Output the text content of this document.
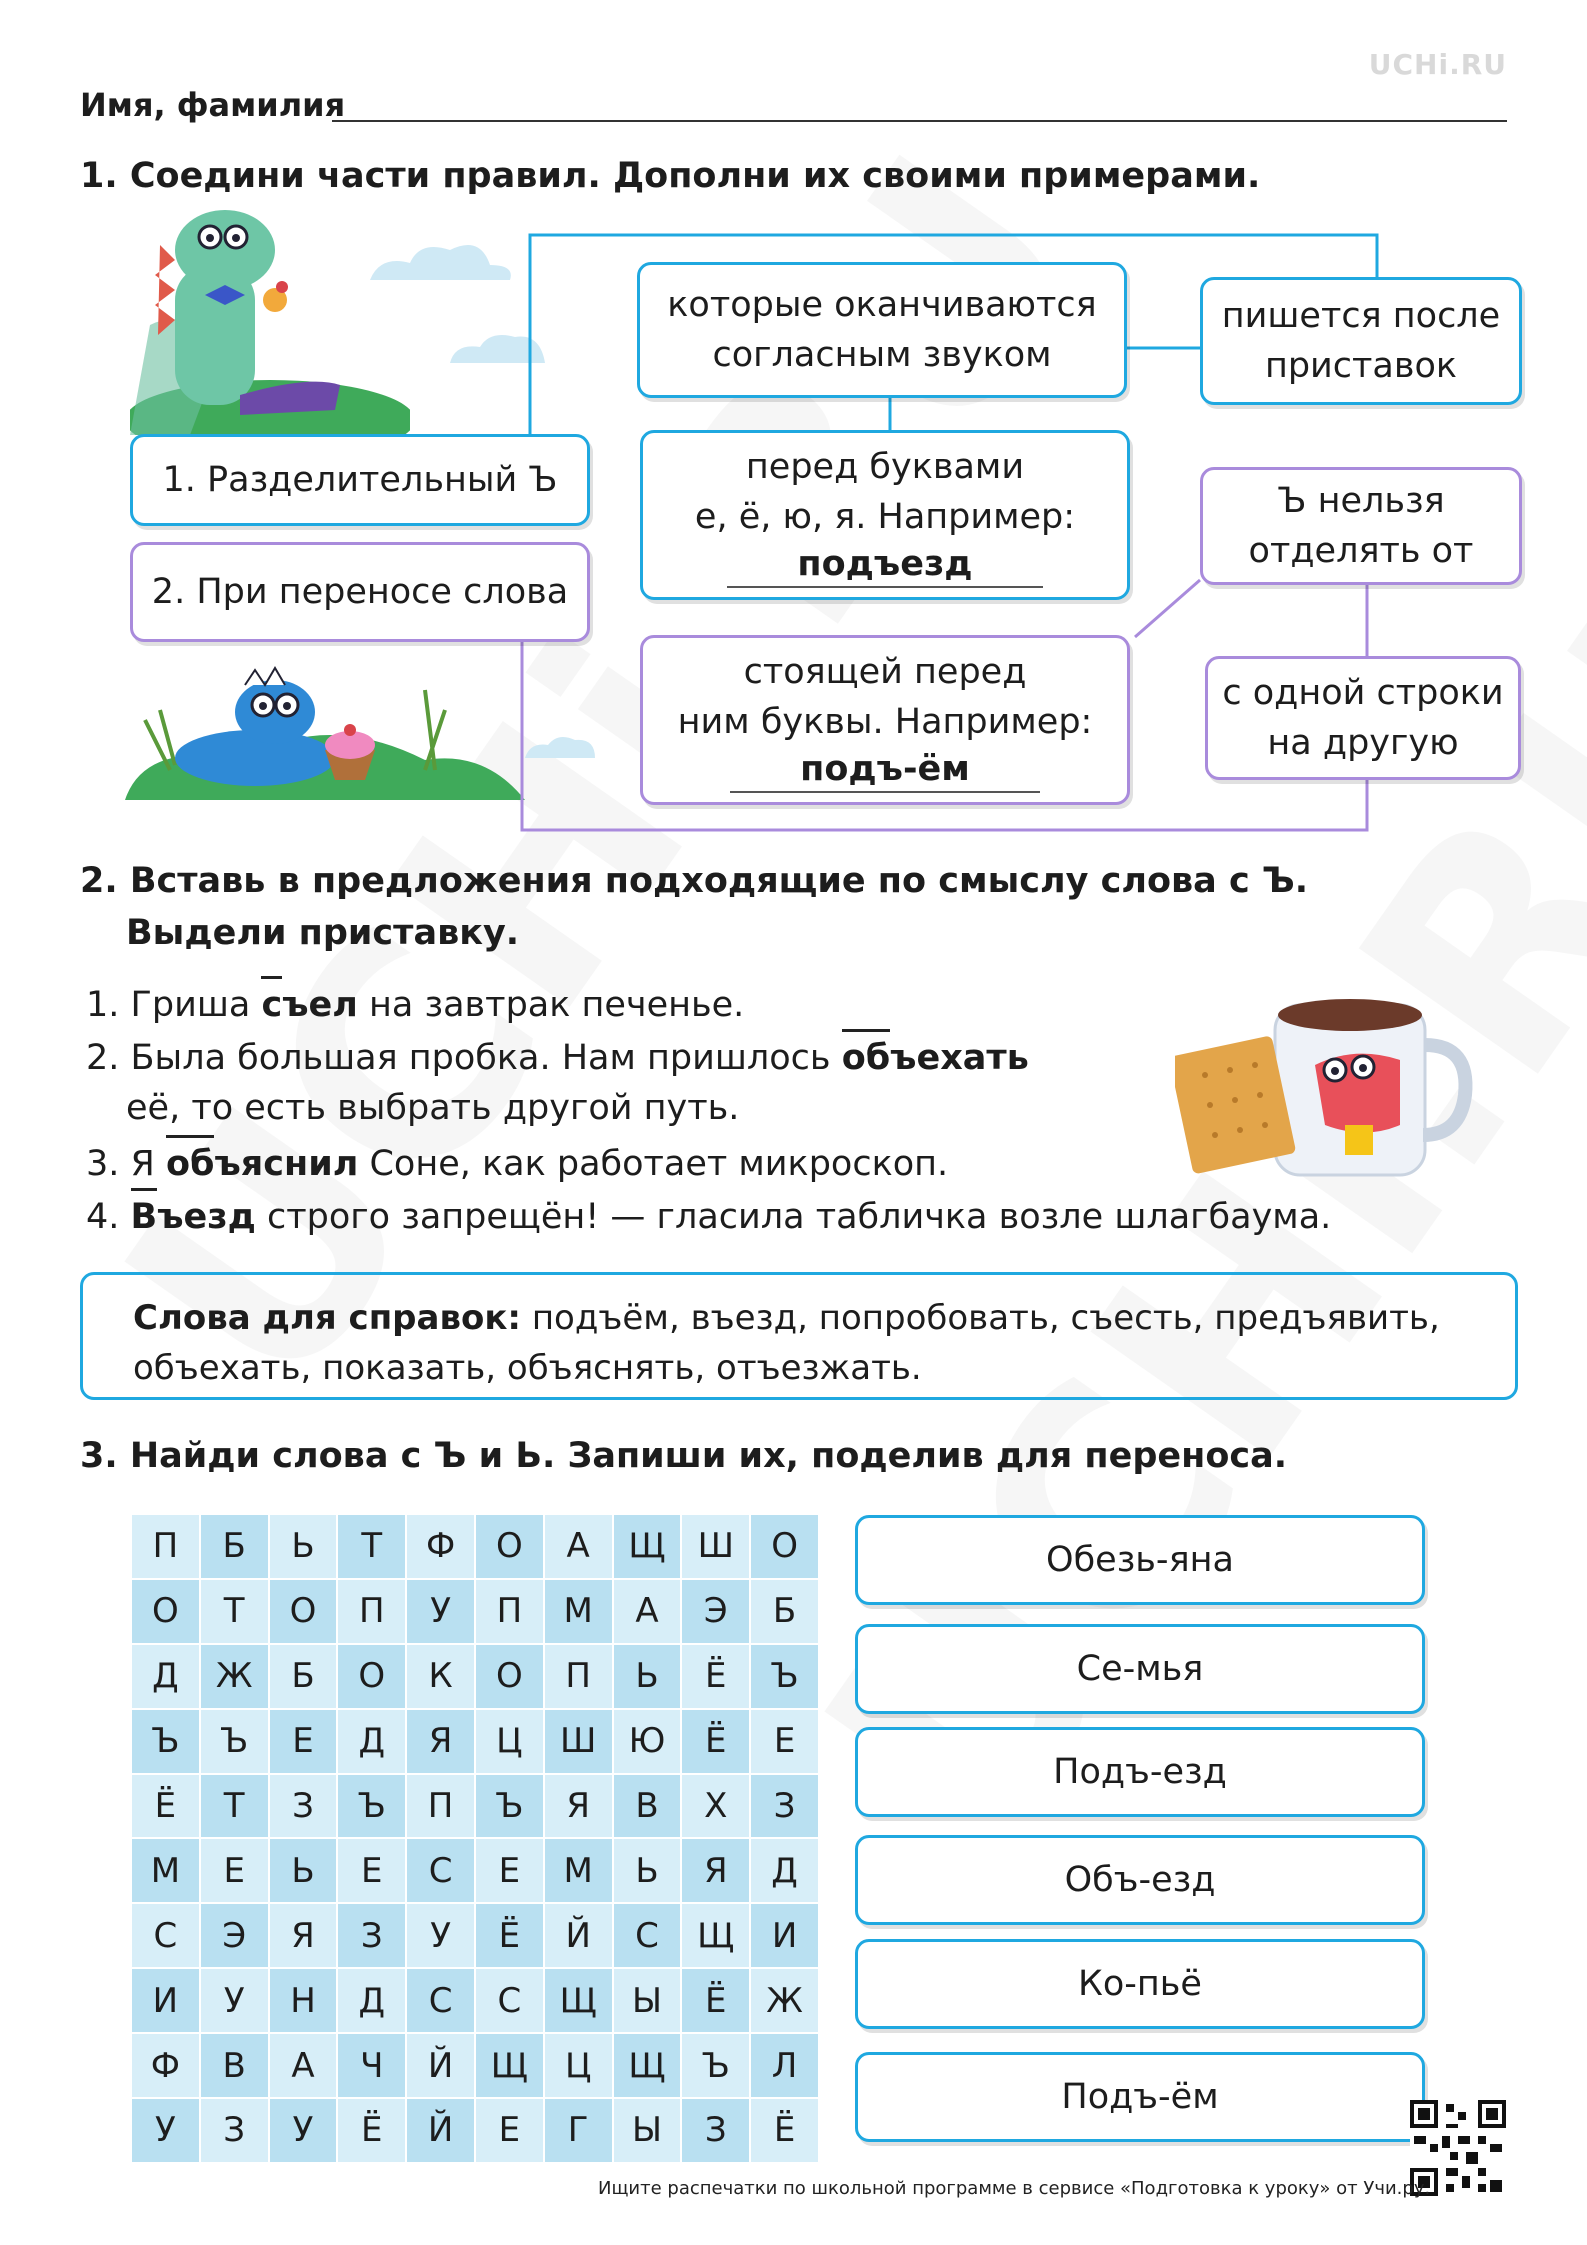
UCHi.RU
Имя, фамилия
1. Соедини части правил. Дополни их своими примерами.
1. Разделительный Ъ
2. При переносе слова
которые оканчиваются
согласным звуком
перед буквами
е, ё, ю, я. Например:
подъезд
стоящей перед
ним буквы. Например:
подъ-ём
пишется после
приставок
Ъ нельзя
отделять от
с одной строки
на другую
2. Вставь в предложения подходящие по смыслу слова с Ъ.
Выдели приставку.
1. Гриша съел на завтрак печенье.
2. Была большая пробка. Нам пришлось объехать
её, то есть выбрать другой путь.
3. Я объяснил Соне, как работает микроскоп.
4. Въезд строго запрещён! — гласила табличка возле шлагбаума.
Слова для справок: подъём, въезд, попробовать, съесть, предъявить,
объехать, показать, объяснять, отъезжать.
3. Найди слова с Ъ и Ь. Запиши их, поделив для переноса.
П	Б	Ь	Т	Ф	О	А	Щ	Ш	О
О	Т	О	П	У	П	М	А	Э	Б
Д	Ж	Б	О	К	О	П	Ь	Ё	Ъ
Ъ	Ъ	Е	Д	Я	Ц	Ш	Ю	Ё	Е
Ё	Т	З	Ъ	П	Ъ	Я	В	Х	З
М	Е	Ь	Е	С	Е	М	Ь	Я	Д
С	Э	Я	З	У	Ё	Й	С	Щ	И
И	У	Н	Д	С	С	Щ	Ы	Ё	Ж
Ф	В	А	Ч	Й	Щ	Ц	Щ	Ъ	Л
У	З	У	Ё	Й	Е	Г	Ы	З	Ё
Обезь-яна
Се-мья
Подъ-езд
Объ-езд
Ко-пьё
Подъ-ём
Ищите распечатки по школьной программе в сервисе «Подготовка к уроку» от Учи.ру.
